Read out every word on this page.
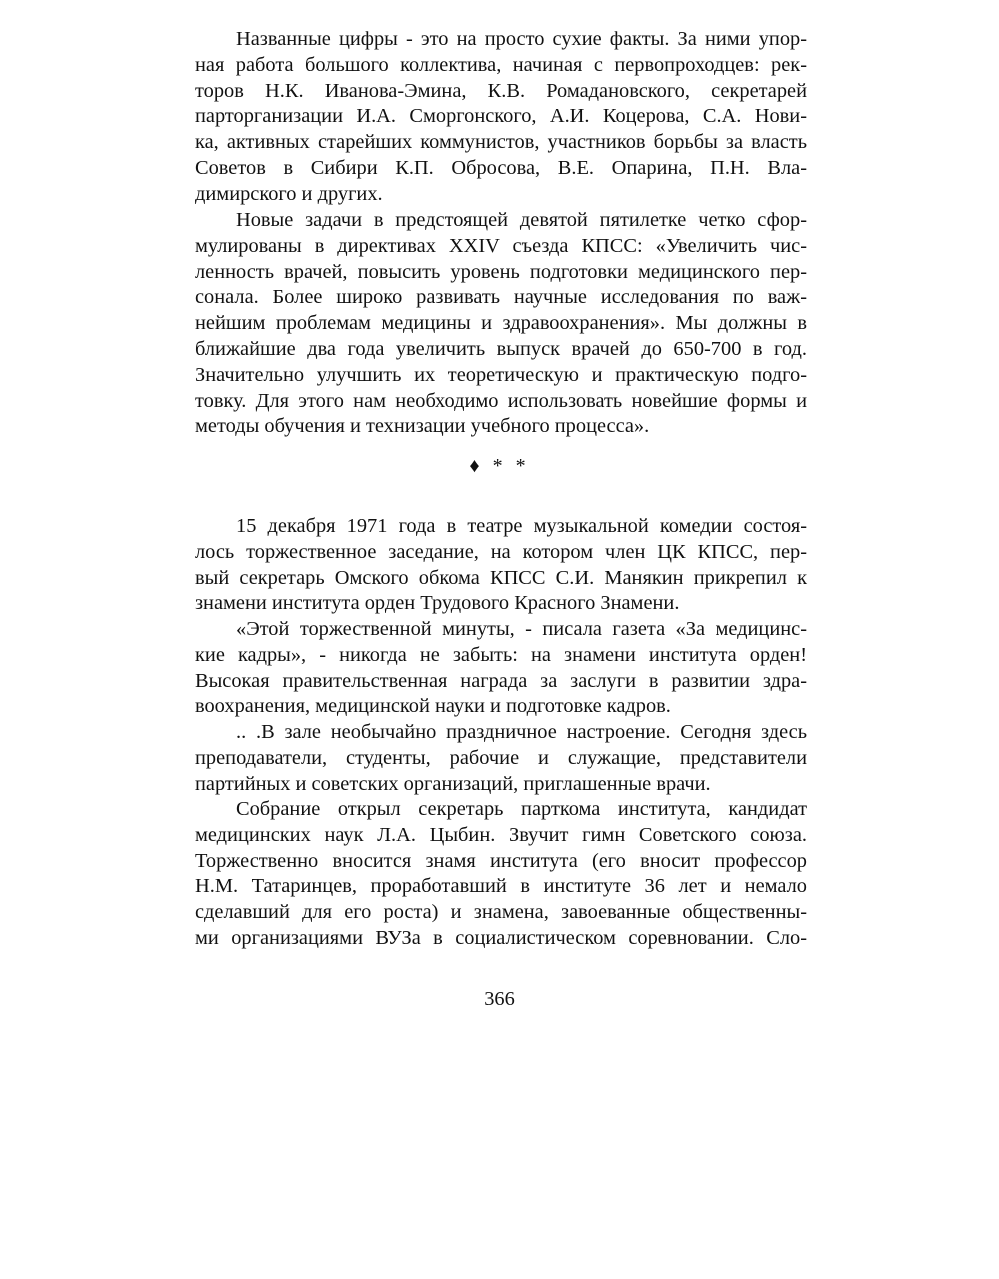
Названные цифры - это на просто сухие факты. За ними упор-
ная работа большого коллектива, начиная с первопроходцев: рек-
торов Н.К. Иванова-Эмина, К.В. Ромадановского, секретарей
парторганизации И.А. Сморгонского, А.И. Коцерова, С.А. Нови-
ка, активных старейших коммунистов, участников борьбы за власть
Советов в Сибири К.П. Обросова, В.Е. Опарина, П.Н. Вла-
димирского и других.
Новые задачи в предстоящей девятой пятилетке четко сфор-
мулированы в директивах XXIV съезда КПСС: «Увеличить чис-
ленность врачей, повысить уровень подготовки медицинского пер-
сонала. Более широко развивать научные исследования по важ-
нейшим проблемам медицины и здравоохранения». Мы должны в
ближайшие два года увеличить выпуск врачей до 650-700 в год.
Значительно улучшить их теоретическую и практическую подго-
товку. Для этого нам необходимо использовать новейшие формы и
методы обучения и технизации учебного процесса».
♦ * *
15 декабря 1971 года в театре музыкальной комедии состоя-
лось торжественное заседание, на котором член ЦК КПСС, пер-
вый секретарь Омского обкома КПСС С.И. Манякин прикрепил к
знамени института орден Трудового Красного Знамени.
«Этой торжественной минуты, - писала газета «За медицинс-
кие кадры», - никогда не забыть: на знамени института орден!
Высокая правительственная награда за заслуги в развитии здра-
воохранения, медицинской науки и подготовке кадров.
.. .В зале необычайно праздничное настроение. Сегодня здесь
преподаватели, студенты, рабочие и служащие, представители
партийных и советских организаций, приглашенные врачи.
Собрание открыл секретарь парткома института, кандидат
медицинских наук Л.А. Цыбин. Звучит гимн Советского союза.
Торжественно вносится знамя института (его вносит профессор
Н.М. Татаринцев, проработавший в институте 36 лет и немало
сделавший для его роста) и знамена, завоеванные общественны-
ми организациями ВУЗа в социалистическом соревновании. Сло-
366
